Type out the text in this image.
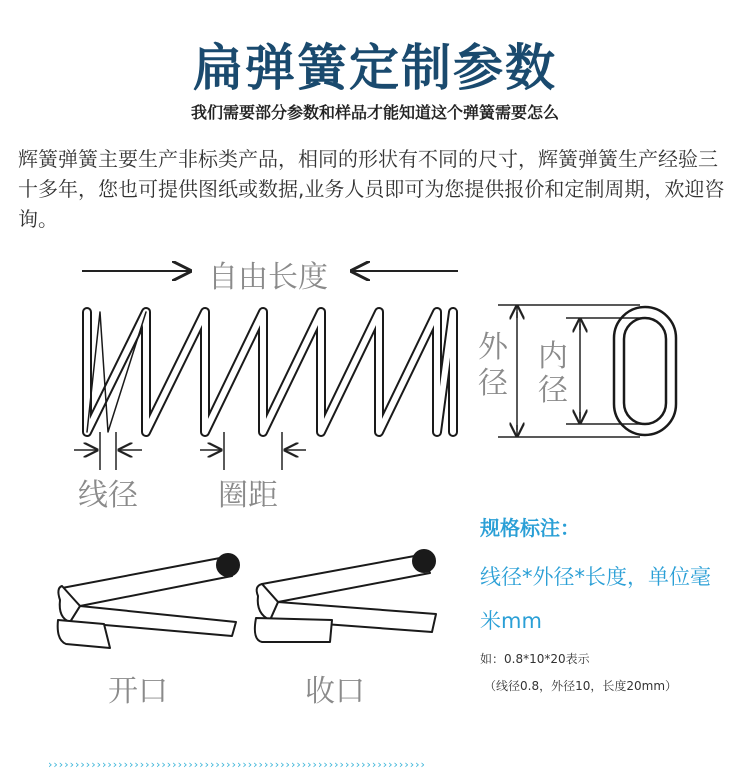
扁弹簧定制参数
我们需要部分参数和样品才能知道这个弹簧需要怎么
辉簧弹簧主要生产非标类产品，相同的形状有不同的尺寸，辉簧弹簧生产经验三十多年，您也可提供图纸或数据,业务人员即可为您提供报价和定制周期，欢迎咨询。
自由长度
外径
内径
线径	圈距
开口	收口
规格标注：
线径*外径*长度，单位毫米mm
如：0.8*10*20表示
（线径0.8，外径10，长度20mm）
››››››››››››››››››››››››››››››››››››››››››››››››››››››››››››››››››››››
